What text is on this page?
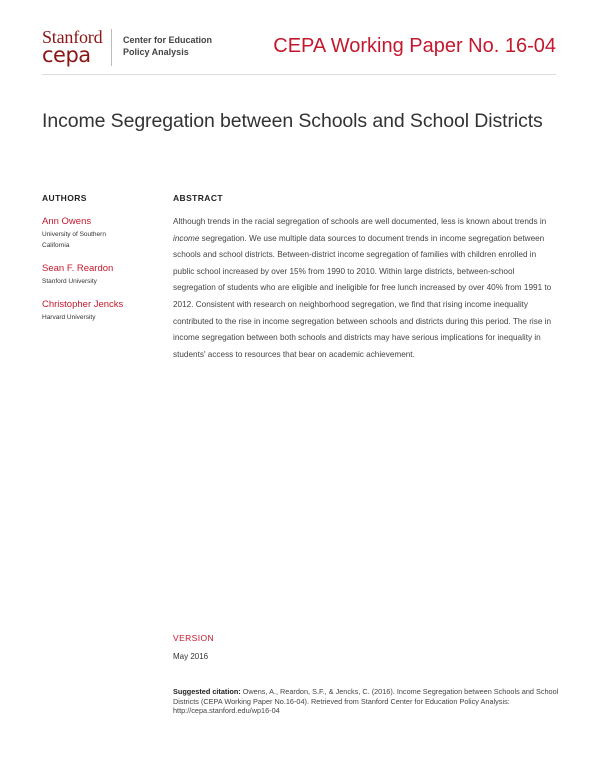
Stanford
cepa
Center for Education
Policy Analysis	CEPA Working Paper No. 16-04
Income Segregation between Schools and School Districts
AUTHORS	ABSTRACT
Ann Owens
University of Southern
California
Sean F. Reardon
Stanford University
Christopher Jencks
Harvard University
Although trends in the racial segregation of schools are well documented, less is known about trends in income segregation. We use multiple data sources to document trends in income segregation between schools and school districts. Between-district income segregation of families with children enrolled in public school increased by over 15% from 1990 to 2010. Within large districts, between-school segregation of students who are eligible and ineligible for free lunch increased by over 40% from 1991 to 2012. Consistent with research on neighborhood segregation, we find that rising income inequality contributed to the rise in income segregation between schools and districts during this period. The rise in income segregation between both schools and districts may have serious implications for inequality in students' access to resources that bear on academic achievement.
VERSION
May 2016
Suggested citation: Owens, A., Reardon, S.F., & Jencks, C. (2016). Income Segregation between Schools and School Districts (CEPA Working Paper No.16-04). Retrieved from Stanford Center for Education Policy Analysis: http://cepa.stanford.edu/wp16-04
